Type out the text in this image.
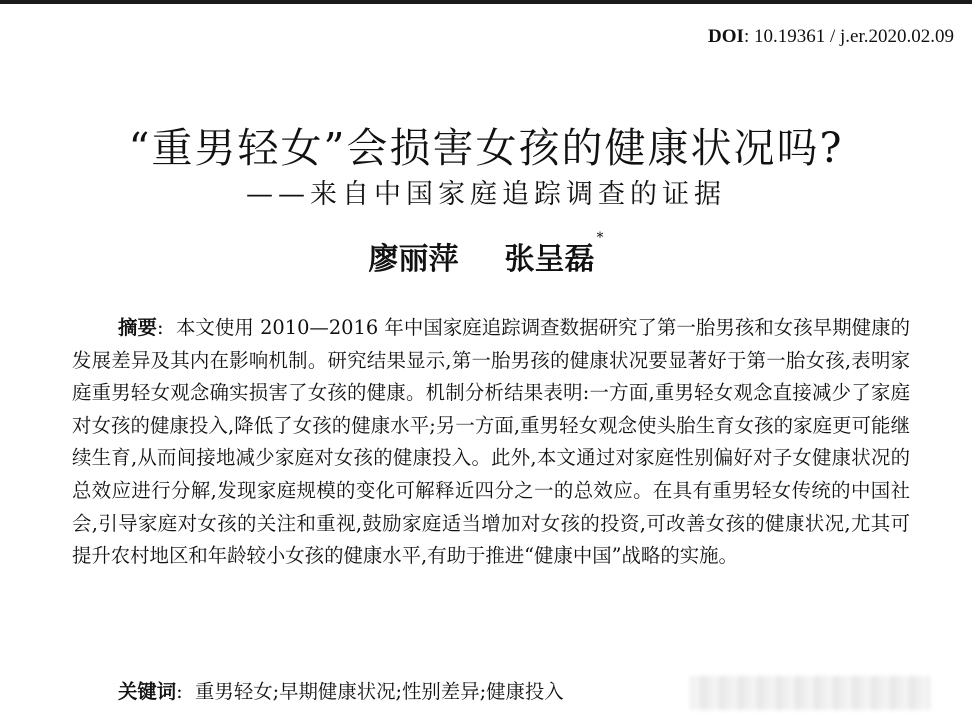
DOI: 10.19361 / j.er.2020.02.09
“重男轻女”会损害女孩的健康状况吗?
——来自中国家庭追踪调查的证据
廖丽萍 张呈磊*

摘要: 本文使用 2010—2016 年中国家庭追踪调查数据研究了第一胎男孩和女孩早期健康的发展差异及其内在影响机制。研究结果显示,第一胎男孩的健康状况要显著好于第一胎女孩,表明家庭重男轻女观念确实损害了女孩的健康。机制分析结果表明:一方面,重男轻女观念直接减少了家庭对女孩的健康投入,降低了女孩的健康水平;另一方面,重男轻女观念使头胎生育女孩的家庭更可能继续生育,从而间接地减少家庭对女孩的健康投入。此外,本文通过对家庭性别偏好对子女健康状况的总效应进行分解,发现家庭规模的变化可解释近四分之一的总效应。在具有重男轻女传统的中国社会,引导家庭对女孩的关注和重视,鼓励家庭适当增加对女孩的投资,可改善女孩的健康状况,尤其可提升农村地区和年龄较小女孩的健康水平,有助于推进“健康中国”战略的实施。

关键词: 重男轻女;早期健康状况;性别差异;健康投入
